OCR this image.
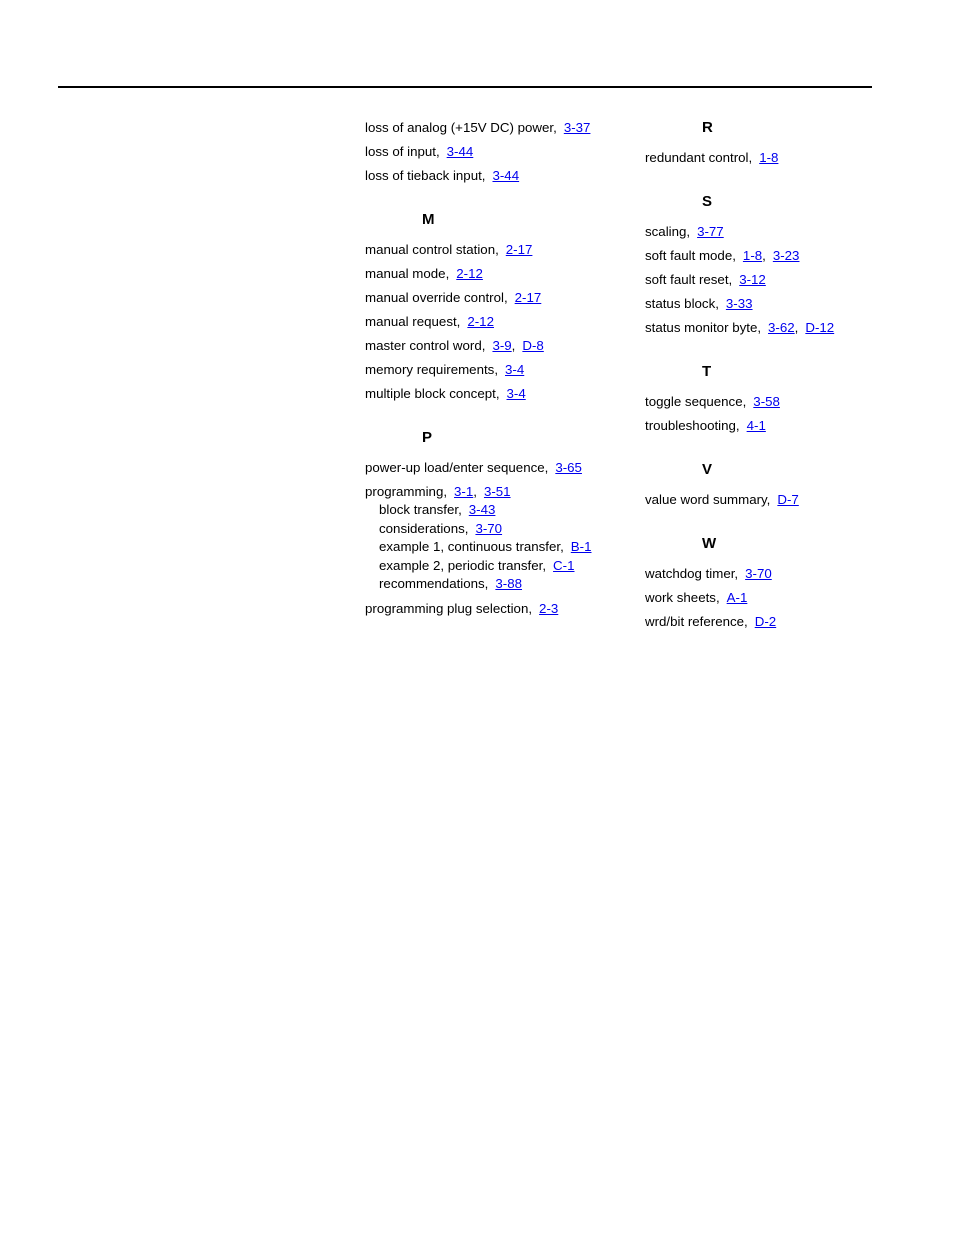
loss of analog (+15V DC) power, 3-37
loss of input, 3-44
loss of tieback input, 3-44
M
manual control station, 2-17
manual mode, 2-12
manual override control, 2-17
manual request, 2-12
master control word, 3-9, D-8
memory requirements, 3-4
multiple block concept, 3-4
P
power-up load/enter sequence, 3-65
programming, 3-1, 3-51
block transfer, 3-43
considerations, 3-70
example 1, continuous transfer, B-1
example 2, periodic transfer, C-1
recommendations, 3-88
programming plug selection, 2-3
R
redundant control, 1-8
S
scaling, 3-77
soft fault mode, 1-8, 3-23
soft fault reset, 3-12
status block, 3-33
status monitor byte, 3-62, D-12
T
toggle sequence, 3-58
troubleshooting, 4-1
V
value word summary, D-7
W
watchdog timer, 3-70
work sheets, A-1
wrd/bit reference, D-2
